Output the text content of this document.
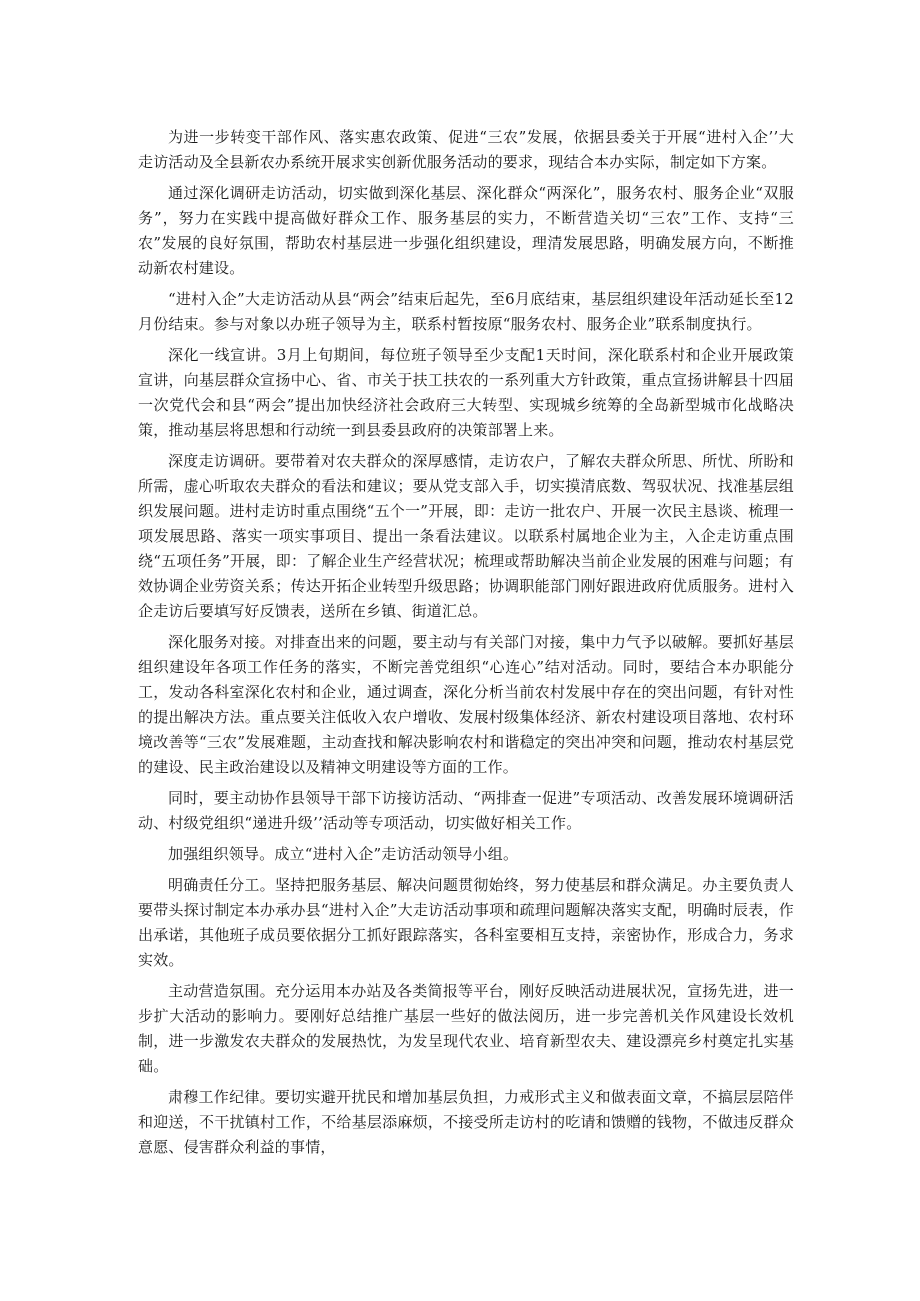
为进一步转变干部作风、落实惠农政策、促进“三农”发展，依据县委关于开展“进村入企’’大走访活动及全县新农办系统开展求实创新优服务活动的要求，现结合本办实际，制定如下方案。

通过深化调研走访活动，切实做到深化基层、深化群众“两深化”，服务农村、服务企业“双服务”，努力在实践中提高做好群众工作、服务基层的实力，不断营造关切“三农”工作、支持“三农”发展的良好氛围，帮助农村基层进一步强化组织建设，理清发展思路，明确发展方向，不断推动新农村建设。

“进村入企”大走访活动从县“两会”结束后起先，至6月底结束，基层组织建设年活动延长至12月份结束。参与对象以办班子领导为主，联系村暂按原“服务农村、服务企业”联系制度执行。

深化一线宣讲。3月上旬期间，每位班子领导至少支配1天时间，深化联系村和企业开展政策宣讲，向基层群众宣扬中心、省、市关于扶工扶农的一系列重大方针政策，重点宣扬讲解县十四届一次党代会和县“两会”提出加快经济社会政府三大转型、实现城乡统筹的全岛新型城市化战略决策，推动基层将思想和行动统一到县委县政府的决策部署上来。

深度走访调研。要带着对农夫群众的深厚感情，走访农户，了解农夫群众所思、所忧、所盼和所需，虚心听取农夫群众的看法和建议；要从党支部入手，切实摸清底数、驾驭状况、找准基层组织发展问题。进村走访时重点围绕“五个一”开展，即：走访一批农户、开展一次民主恳谈、梳理一项发展思路、落实一项实事项目、提出一条看法建议。以联系村属地企业为主，入企走访重点围绕“五项任务”开展，即：了解企业生产经营状况；梳理或帮助解决当前企业发展的困难与问题；有效协调企业劳资关系；传达开拓企业转型升级思路；协调职能部门刚好跟进政府优质服务。进村入企走访后要填写好反馈表，送所在乡镇、街道汇总。

深化服务对接。对排查出来的问题，要主动与有关部门对接，集中力气予以破解。要抓好基层组织建设年各项工作任务的落实，不断完善党组织“心连心”结对活动。同时，要结合本办职能分工，发动各科室深化农村和企业，通过调查，深化分析当前农村发展中存在的突出问题，有针对性的提出解决方法。重点要关注低收入农户增收、发展村级集体经济、新农村建设项目落地、农村环境改善等“三农”发展难题，主动查找和解决影响农村和谐稳定的突出冲突和问题，推动农村基层党的建设、民主政治建设以及精神文明建设等方面的工作。

同时，要主动协作县领导干部下访接访活动、“两排查一促进”专项活动、改善发展环境调研活动、村级党组织“递进升级’’活动等专项活动，切实做好相关工作。

加强组织领导。成立“进村入企”走访活动领导小组。

明确责任分工。坚持把服务基层、解决问题贯彻始终，努力使基层和群众满足。办主要负责人要带头探讨制定本办承办县“进村入企”大走访活动事项和疏理问题解决落实支配，明确时辰表，作出承诺，其他班子成员要依据分工抓好跟踪落实，各科室要相互支持，亲密协作，形成合力，务求实效。

主动营造氛围。充分运用本办站及各类简报等平台，刚好反映活动进展状况，宣扬先进，进一步扩大活动的影响力。要刚好总结推广基层一些好的做法阅历，进一步完善机关作风建设长效机制，进一步激发农夫群众的发展热忱，为发呈现代农业、培育新型农夫、建设漂亮乡村奠定扎实基础。

肃穆工作纪律。要切实避开扰民和增加基层负担，力戒形式主义和做表面文章，不搞层层陪伴和迎送，不干扰镇村工作，不给基层添麻烦，不接受所走访村的吃请和馈赠的钱物，不做违反群众意愿、侵害群众利益的事情，
